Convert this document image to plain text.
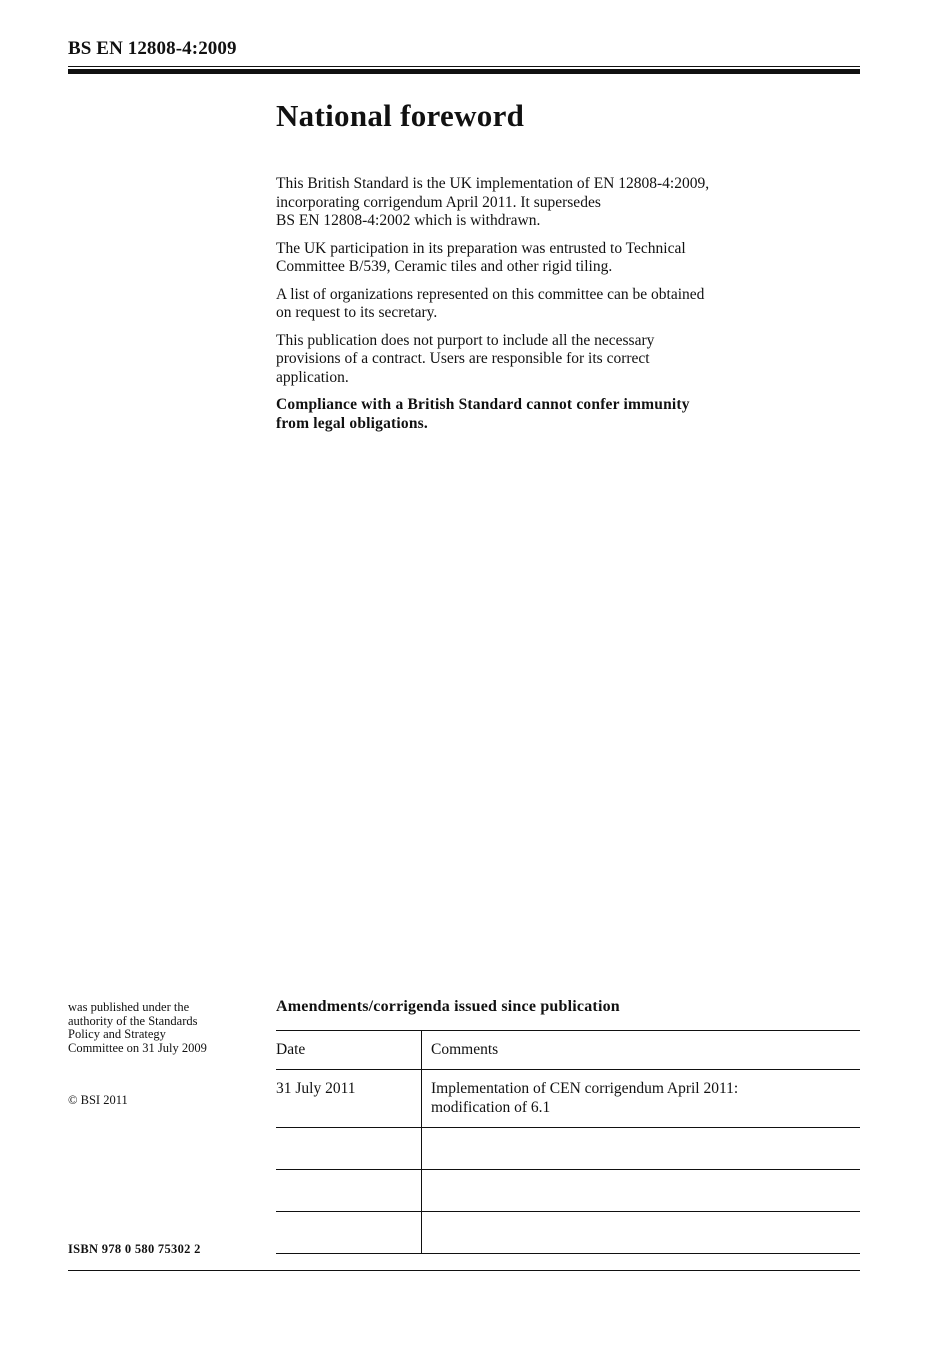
BS EN 12808-4:2009
National foreword

This British Standard is the UK implementation of EN 12808-4:2009,
incorporating corrigendum April 2011. It supersedes
BS EN 12808-4:2002 which is withdrawn.

The UK participation in its preparation was entrusted to Technical
Committee B/539, Ceramic tiles and other rigid tiling.

A list of organizations represented on this committee can be obtained
on request to its secretary.

This publication does not purport to include all the necessary
provisions of a contract. Users are responsible for its correct
application.

Compliance with a British Standard cannot confer immunity
from legal obligations.

was published under the
authority of the Standards
Policy and Strategy
Committee on 31 July 2009
© BSI 2011
ISBN 978 0 580 75302 2
Amendments/corrigenda issued since publication
Date	Comments
31 July 2011	Implementation of CEN corrigendum April 2011:
modification of 6.1
